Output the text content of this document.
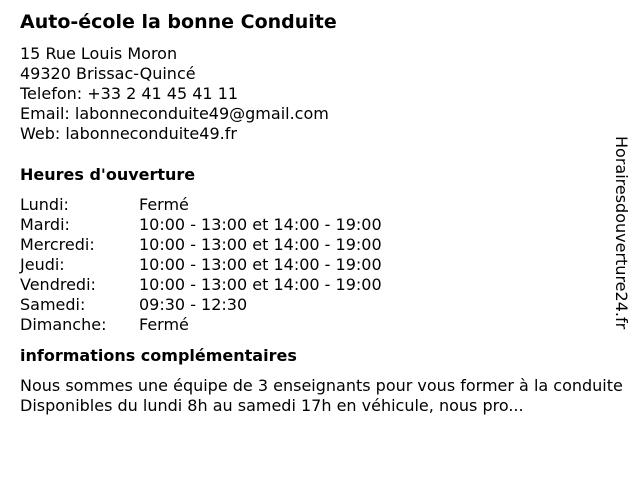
Auto-école la bonne Conduite
15 Rue Louis Moron
49320 Brissac-Quincé
Telefon: +33 2 41 45 41 11
Email: labonneconduite49@gmail.com
Web: labonneconduite49.fr
Heures d'ouverture
Lundi:	Fermé
Mardi:	10:00 - 13:00 et 14:00 - 19:00
Mercredi:	10:00 - 13:00 et 14:00 - 19:00
Jeudi:	10:00 - 13:00 et 14:00 - 19:00
Vendredi:	10:00 - 13:00 et 14:00 - 19:00
Samedi:	09:30 - 12:30
Dimanche:	Fermé
informations complémentaires
Nous sommes une équipe de 3 enseignants pour vous former à la conduite Disponibles du lundi 8h au samedi 17h en véhicule, nous pro...
Horairesdouverture24.fr
